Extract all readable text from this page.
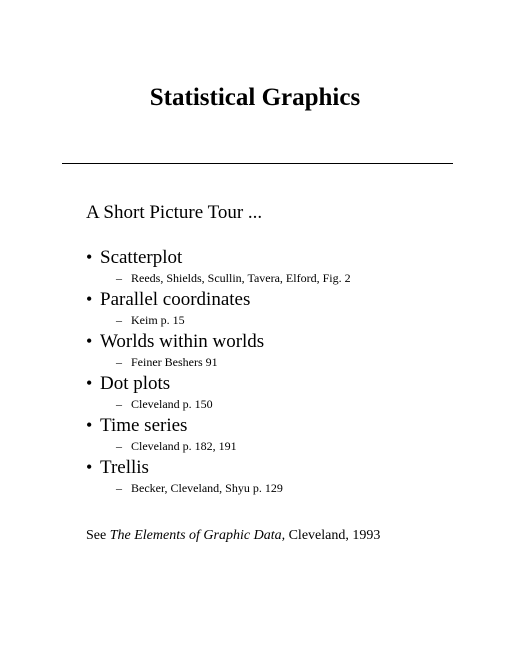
Statistical Graphics

A Short Picture Tour ...

• Scatterplot
– Reeds, Shields, Scullin, Tavera, Elford, Fig. 2
• Parallel coordinates
– Keim p. 15
• Worlds within worlds
– Feiner Beshers 91
• Dot plots
– Cleveland p. 150
• Time series
– Cleveland p. 182, 191
• Trellis
– Becker, Cleveland, Shyu p. 129

See The Elements of Graphic Data, Cleveland, 1993
